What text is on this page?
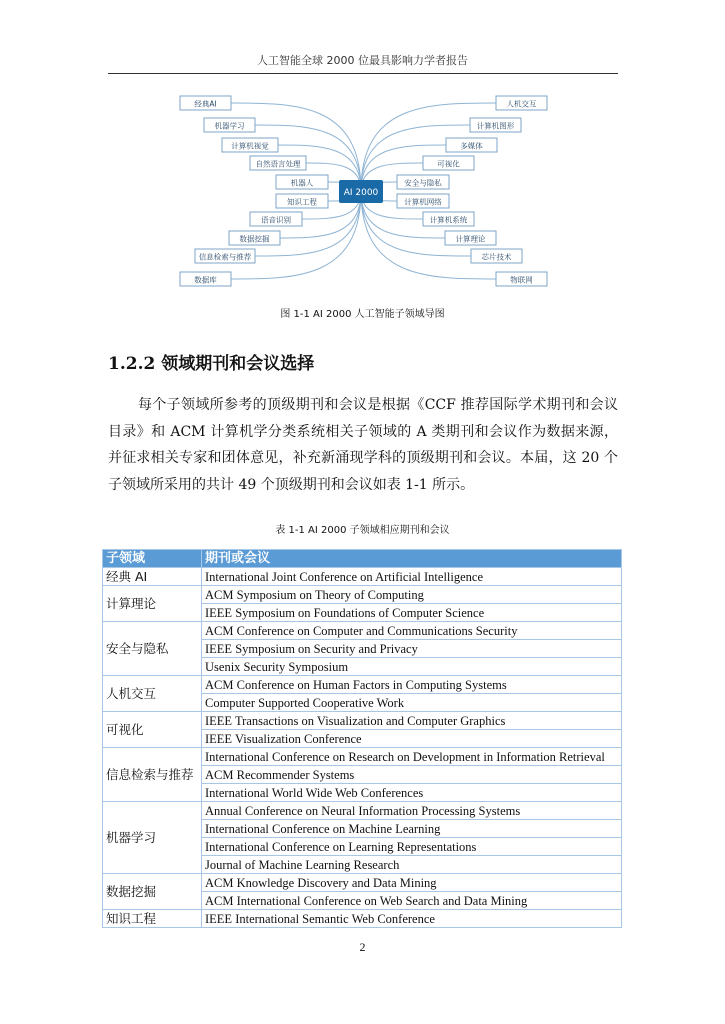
人工智能全球 2000 位最具影响力学者报告
经典AI	人机交互
机器学习	计算机图形
计算机视觉	多媒体
自然语言处理	可视化
机器人	安全与隐私
知识工程	计算机网络
语音识别	计算机系统
数据挖掘	计算理论
信息检索与推荐	芯片技术
数据库	物联网
AI 2000
图 1-1 AI 2000 人工智能子领域导图
1.2.2 领域期刊和会议选择
每个子领域所参考的顶级期刊和会议是根据《CCF 推荐国际学术期刊和会议目录》和 ACM 计算机学分类系统相关子领域的 A 类期刊和会议作为数据来源，并征求相关专家和团体意见，补充新涌现学科的顶级期刊和会议。本届，这 20 个子领域所采用的共计 49 个顶级期刊和会议如表 1-1 所示。
表 1-1 AI 2000 子领域相应期刊和会议
子领域	期刊或会议
经典 AI	International Joint Conference on Artificial Intelligence
计算理论	ACM Symposium on Theory of Computing
	IEEE Symposium on Foundations of Computer Science
安全与隐私	ACM Conference on Computer and Communications Security
	IEEE Symposium on Security and Privacy
	Usenix Security Symposium
人机交互	ACM Conference on Human Factors in Computing Systems
	Computer Supported Cooperative Work
可视化	IEEE Transactions on Visualization and Computer Graphics
	IEEE Visualization Conference
信息检索与推荐	International Conference on Research on Development in Information Retrieval
	ACM Recommender Systems
	International World Wide Web Conferences
机器学习	Annual Conference on Neural Information Processing Systems
	International Conference on Machine Learning
	International Conference on Learning Representations
	Journal of Machine Learning Research
数据挖掘	ACM Knowledge Discovery and Data Mining
	ACM International Conference on Web Search and Data Mining
知识工程	IEEE International Semantic Web Conference
2
